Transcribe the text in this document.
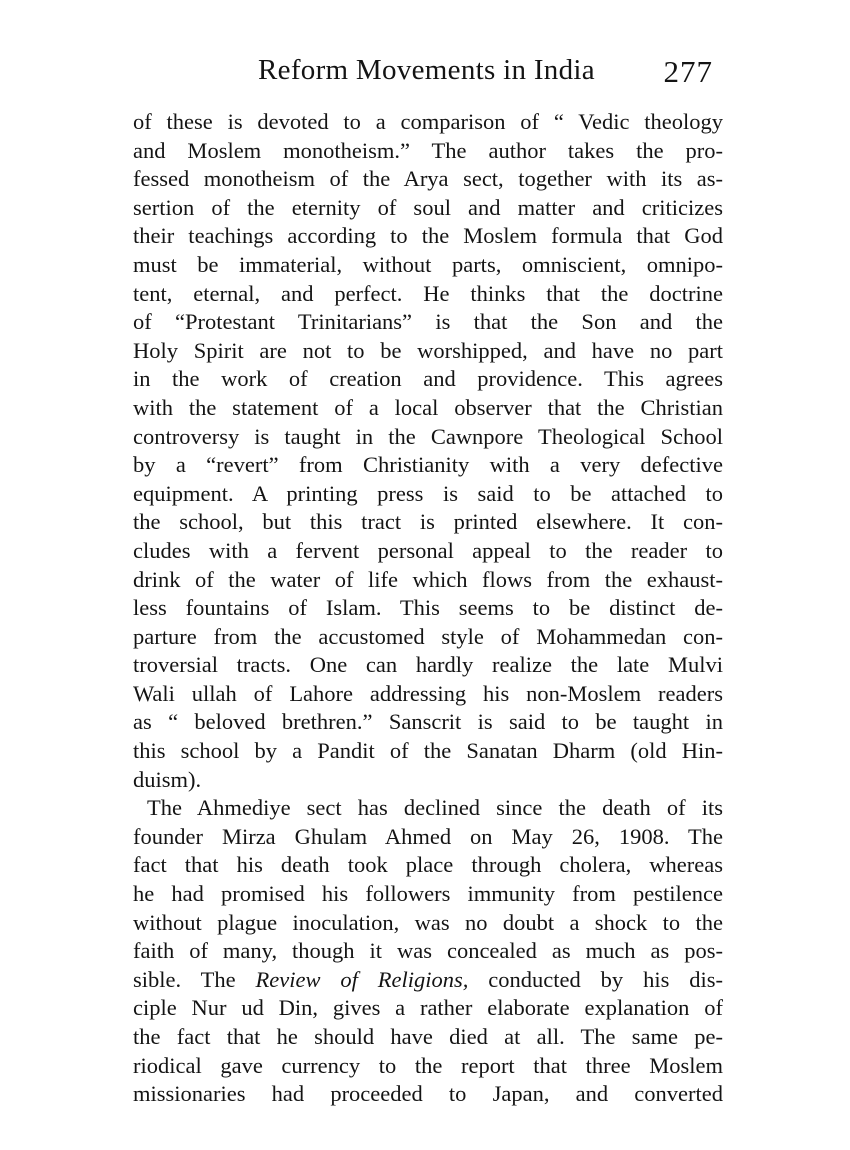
Reform Movements in India 277
of these is devoted to a comparison of “ Vedic theology
and Moslem monotheism.” The author takes the pro-
fessed monotheism of the Arya sect, together with its as-
sertion of the eternity of soul and matter and criticizes
their teachings according to the Moslem formula that God
must be immaterial, without parts, omniscient, omnipo-
tent, eternal, and perfect. He thinks that the doctrine
of “Protestant Trinitarians” is that the Son and the
Holy Spirit are not to be worshipped, and have no part
in the work of creation and providence. This agrees
with the statement of a local observer that the Christian
controversy is taught in the Cawnpore Theological School
by a “revert” from Christianity with a very defective
equipment. A printing press is said to be attached to
the school, but this tract is printed elsewhere. It con-
cludes with a fervent personal appeal to the reader to
drink of the water of life which flows from the exhaust-
less fountains of Islam. This seems to be distinct de-
parture from the accustomed style of Mohammedan con-
troversial tracts. One can hardly realize the late Mulvi
Wali ullah of Lahore addressing his non-Moslem readers
as “ beloved brethren.” Sanscrit is said to be taught in
this school by a Pandit of the Sanatan Dharm (old Hin-
duism).
The Ahmediye sect has declined since the death of its
founder Mirza Ghulam Ahmed on May 26, 1908. The
fact that his death took place through cholera, whereas
he had promised his followers immunity from pestilence
without plague inoculation, was no doubt a shock to the
faith of many, though it was concealed as much as pos-
sible. The Review of Religions, conducted by his dis-
ciple Nur ud Din, gives a rather elaborate explanation of
the fact that he should have died at all. The same pe-
riodical gave currency to the report that three Moslem
missionaries had proceeded to Japan, and converted
